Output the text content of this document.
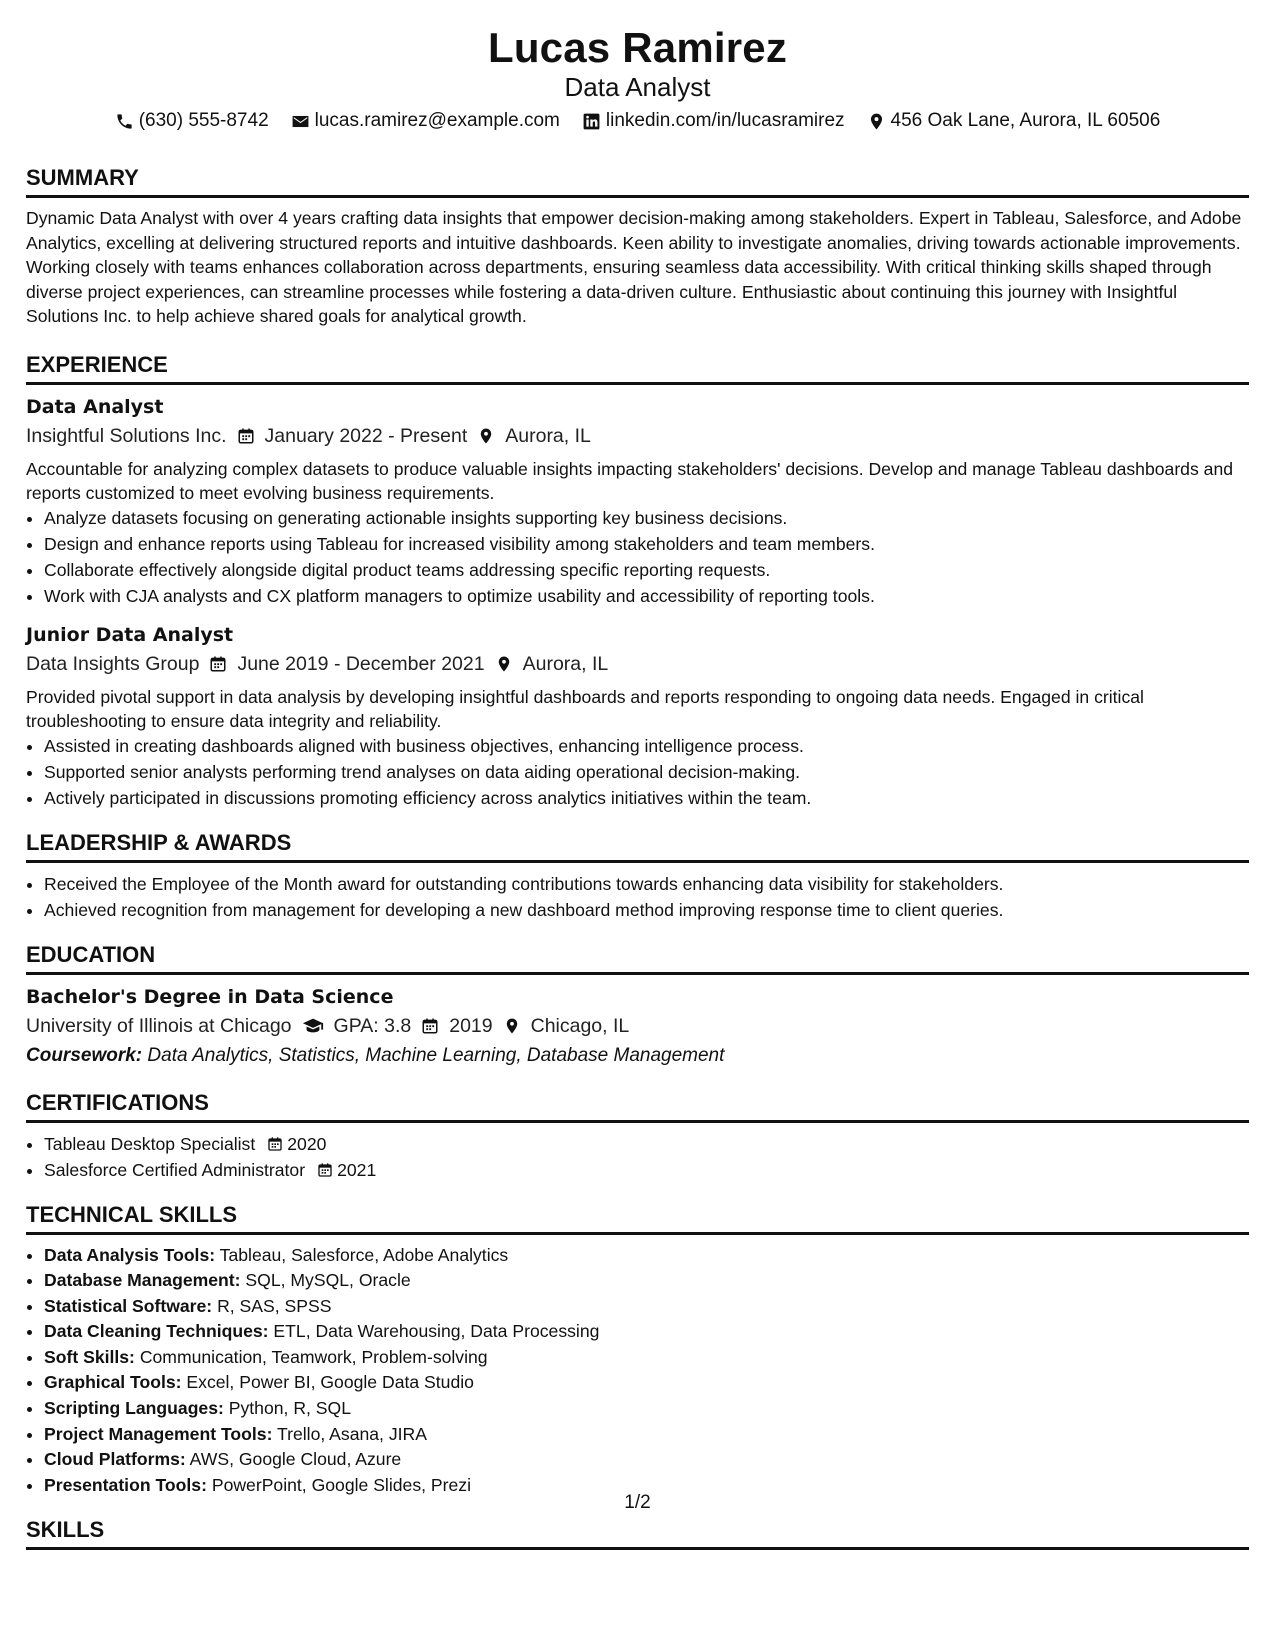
Lucas Ramirez
Data Analyst
(630) 555-8742 lucas.ramirez@example.com linkedin.com/in/lucasramirez 456 Oak Lane, Aurora, IL 60506
SUMMARY

Dynamic Data Analyst with over 4 years crafting data insights that empower decision-making among stakeholders. Expert in Tableau, Salesforce, and Adobe Analytics, excelling at delivering structured reports and intuitive dashboards. Keen ability to investigate anomalies, driving towards actionable improvements. Working closely with teams enhances collaboration across departments, ensuring seamless data accessibility. With critical thinking skills shaped through diverse project experiences, can streamline processes while fostering a data-driven culture. Enthusiastic about continuing this journey with Insightful Solutions Inc. to help achieve shared goals for analytical growth.

EXPERIENCE
Data Analyst
Insightful Solutions Inc. January 2022 - Present Aurora, IL

Accountable for analyzing complex datasets to produce valuable insights impacting stakeholders' decisions. Develop and manage Tableau dashboards and reports customized to meet evolving business requirements.

• Analyze datasets focusing on generating actionable insights supporting key business decisions.
• Design and enhance reports using Tableau for increased visibility among stakeholders and team members.
• Collaborate effectively alongside digital product teams addressing specific reporting requests.
• Work with CJA analysts and CX platform managers to optimize usability and accessibility of reporting tools.
Junior Data Analyst
Data Insights Group June 2019 - December 2021 Aurora, IL

Provided pivotal support in data analysis by developing insightful dashboards and reports responding to ongoing data needs. Engaged in critical troubleshooting to ensure data integrity and reliability.

• Assisted in creating dashboards aligned with business objectives, enhancing intelligence process.
• Supported senior analysts performing trend analyses on data aiding operational decision-making.
• Actively participated in discussions promoting efficiency across analytics initiatives within the team.
LEADERSHIP & AWARDS
• Received the Employee of the Month award for outstanding contributions towards enhancing data visibility for stakeholders.
• Achieved recognition from management for developing a new dashboard method improving response time to client queries.
EDUCATION
Bachelor's Degree in Data Science
University of Illinois at Chicago GPA: 3.8 2019 Chicago, IL
Coursework: Data Analytics, Statistics, Machine Learning, Database Management
CERTIFICATIONS
• Tableau Desktop Specialist 2020
• Salesforce Certified Administrator 2021
TECHNICAL SKILLS
• Data Analysis Tools: Tableau, Salesforce, Adobe Analytics
• Database Management: SQL, MySQL, Oracle
• Statistical Software: R, SAS, SPSS
• Data Cleaning Techniques: ETL, Data Warehousing, Data Processing
• Soft Skills: Communication, Teamwork, Problem-solving
• Graphical Tools: Excel, Power BI, Google Data Studio
• Scripting Languages: Python, R, SQL
• Project Management Tools: Trello, Asana, JIRA
• Cloud Platforms: AWS, Google Cloud, Azure
• Presentation Tools: PowerPoint, Google Slides, Prezi
SKILLS
1/2
